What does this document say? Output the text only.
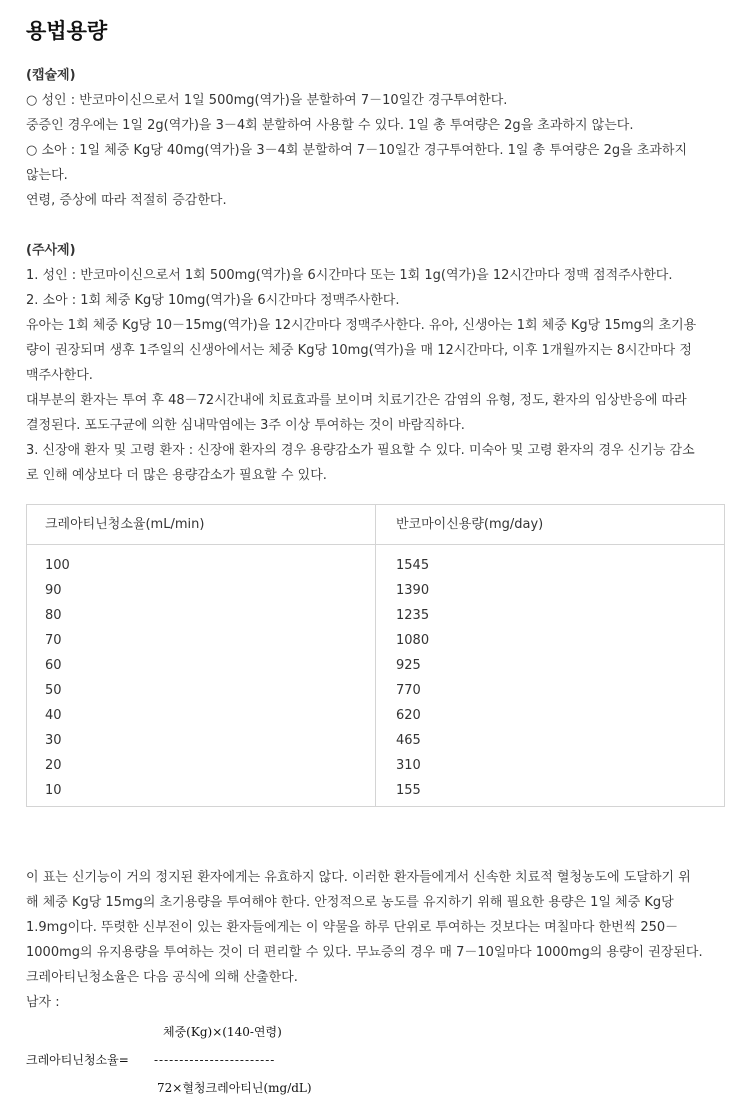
용법용량

(캡슐제)

○ 성인 : 반코마이신으로서 1일 500mg(역가)을 분할하여 7－10일간 경구투여한다.

중증인 경우에는 1일 2g(역가)을 3－4회 분할하여 사용할 수 있다. 1일 총 투여량은 2g을 초과하지 않는다.

○ 소아 : 1일 체중 Kg당 40mg(역가)을 3－4회 분할하여 7－10일간 경구투여한다. 1일 총 투여량은 2g을 초과하지

않는다.

연령, 증상에 따라 적절히 증감한다.

(주사제)

1. 성인 : 반코마이신으로서 1회 500mg(역가)을 6시간마다 또는 1회 1g(역가)을 12시간마다 정맥 점적주사한다.

2. 소아 : 1회 체중 Kg당 10mg(역가)을 6시간마다 정맥주사한다.

유아는 1회 체중 Kg당 10－15mg(역가)을 12시간마다 정맥주사한다. 유아, 신생아는 1회 체중 Kg당 15mg의 초기용

량이 권장되며 생후 1주일의 신생아에서는 체중 Kg당 10mg(역가)을 매 12시간마다, 이후 1개월까지는 8시간마다 정

맥주사한다.

대부분의 환자는 투여 후 48－72시간내에 치료효과를 보이며 치료기간은 감염의 유형, 정도, 환자의 임상반응에 따라

결정된다. 포도구균에 의한 심내막염에는 3주 이상 투여하는 것이 바람직하다.

3. 신장애 환자 및 고령 환자 : 신장애 환자의 경우 용량감소가 필요할 수 있다. 미숙아 및 고령 환자의 경우 신기능 감소

로 인해 예상보다 더 많은 용량감소가 필요할 수 있다.

크레아티닌청소율(mL/min)	반코마이신용량(mg/day)
100	1545
90	1390
80	1235
70	1080
60	925
50	770
40	620
30	465
20	310
10	155

이 표는 신기능이 거의 정지된 환자에게는 유효하지 않다. 이러한 환자들에게서 신속한 치료적 혈청농도에 도달하기 위

해 체중 Kg당 15mg의 초기용량을 투여해야 한다. 안정적으로 농도를 유지하기 위해 필요한 용량은 1일 체중 Kg당

1.9mg이다. 뚜렷한 신부전이 있는 환자들에게는 이 약물을 하루 단위로 투여하는 것보다는 며칠마다 한번씩 250－

1000mg의 유지용량을 투여하는 것이 더 편리할 수 있다. 무뇨증의 경우 매 7－10일마다 1000mg의 용량이 권장된다.

크레아티닌청소율은 다음 공식에 의해 산출한다.

남자 :

체중(Kg)×(140-연령)

크레아티닌청소율= ------------------------

72×혈청크레아티닌(mg/dL)
